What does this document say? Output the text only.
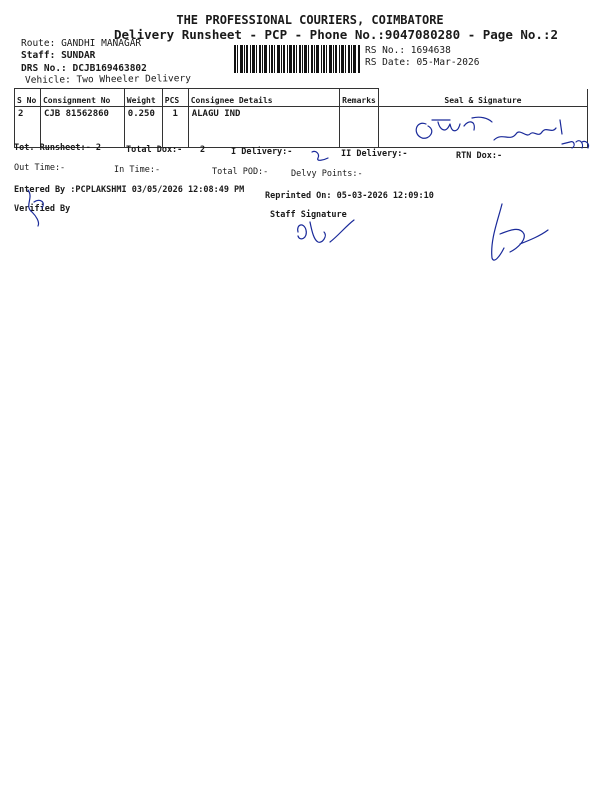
THE PROFESSIONAL COURIERS, COIMBATORE
Delivery Runsheet - PCP - Phone No.:9047080280 - Page No.:2
Route: GANDHI MANAGAR
Staff: SUNDAR
DRS No.: DCJB169463802
Vehicle: Two Wheeler Delivery
RS No.: 1694638
RS Date: 05-Mar-2026
S No	Consignment No	Weight	PCS	Consignee Details	Remarks	Seal & Signature
2	CJB 81562860	0.250	1	ALAGU IND		
Tot. Runsheet:- 2	Total Dox:- 2	I Delivery:-	II Delivery:-	RTN Dox:-
Out Time:-	In Time:-	Total POD:-	Delvy Points:-
Entered By :PCPLAKSHMI 03/05/2026 12:08:49 PM
Reprinted On: 05-03-2026 12:09:10
Verified By
Staff Signature
